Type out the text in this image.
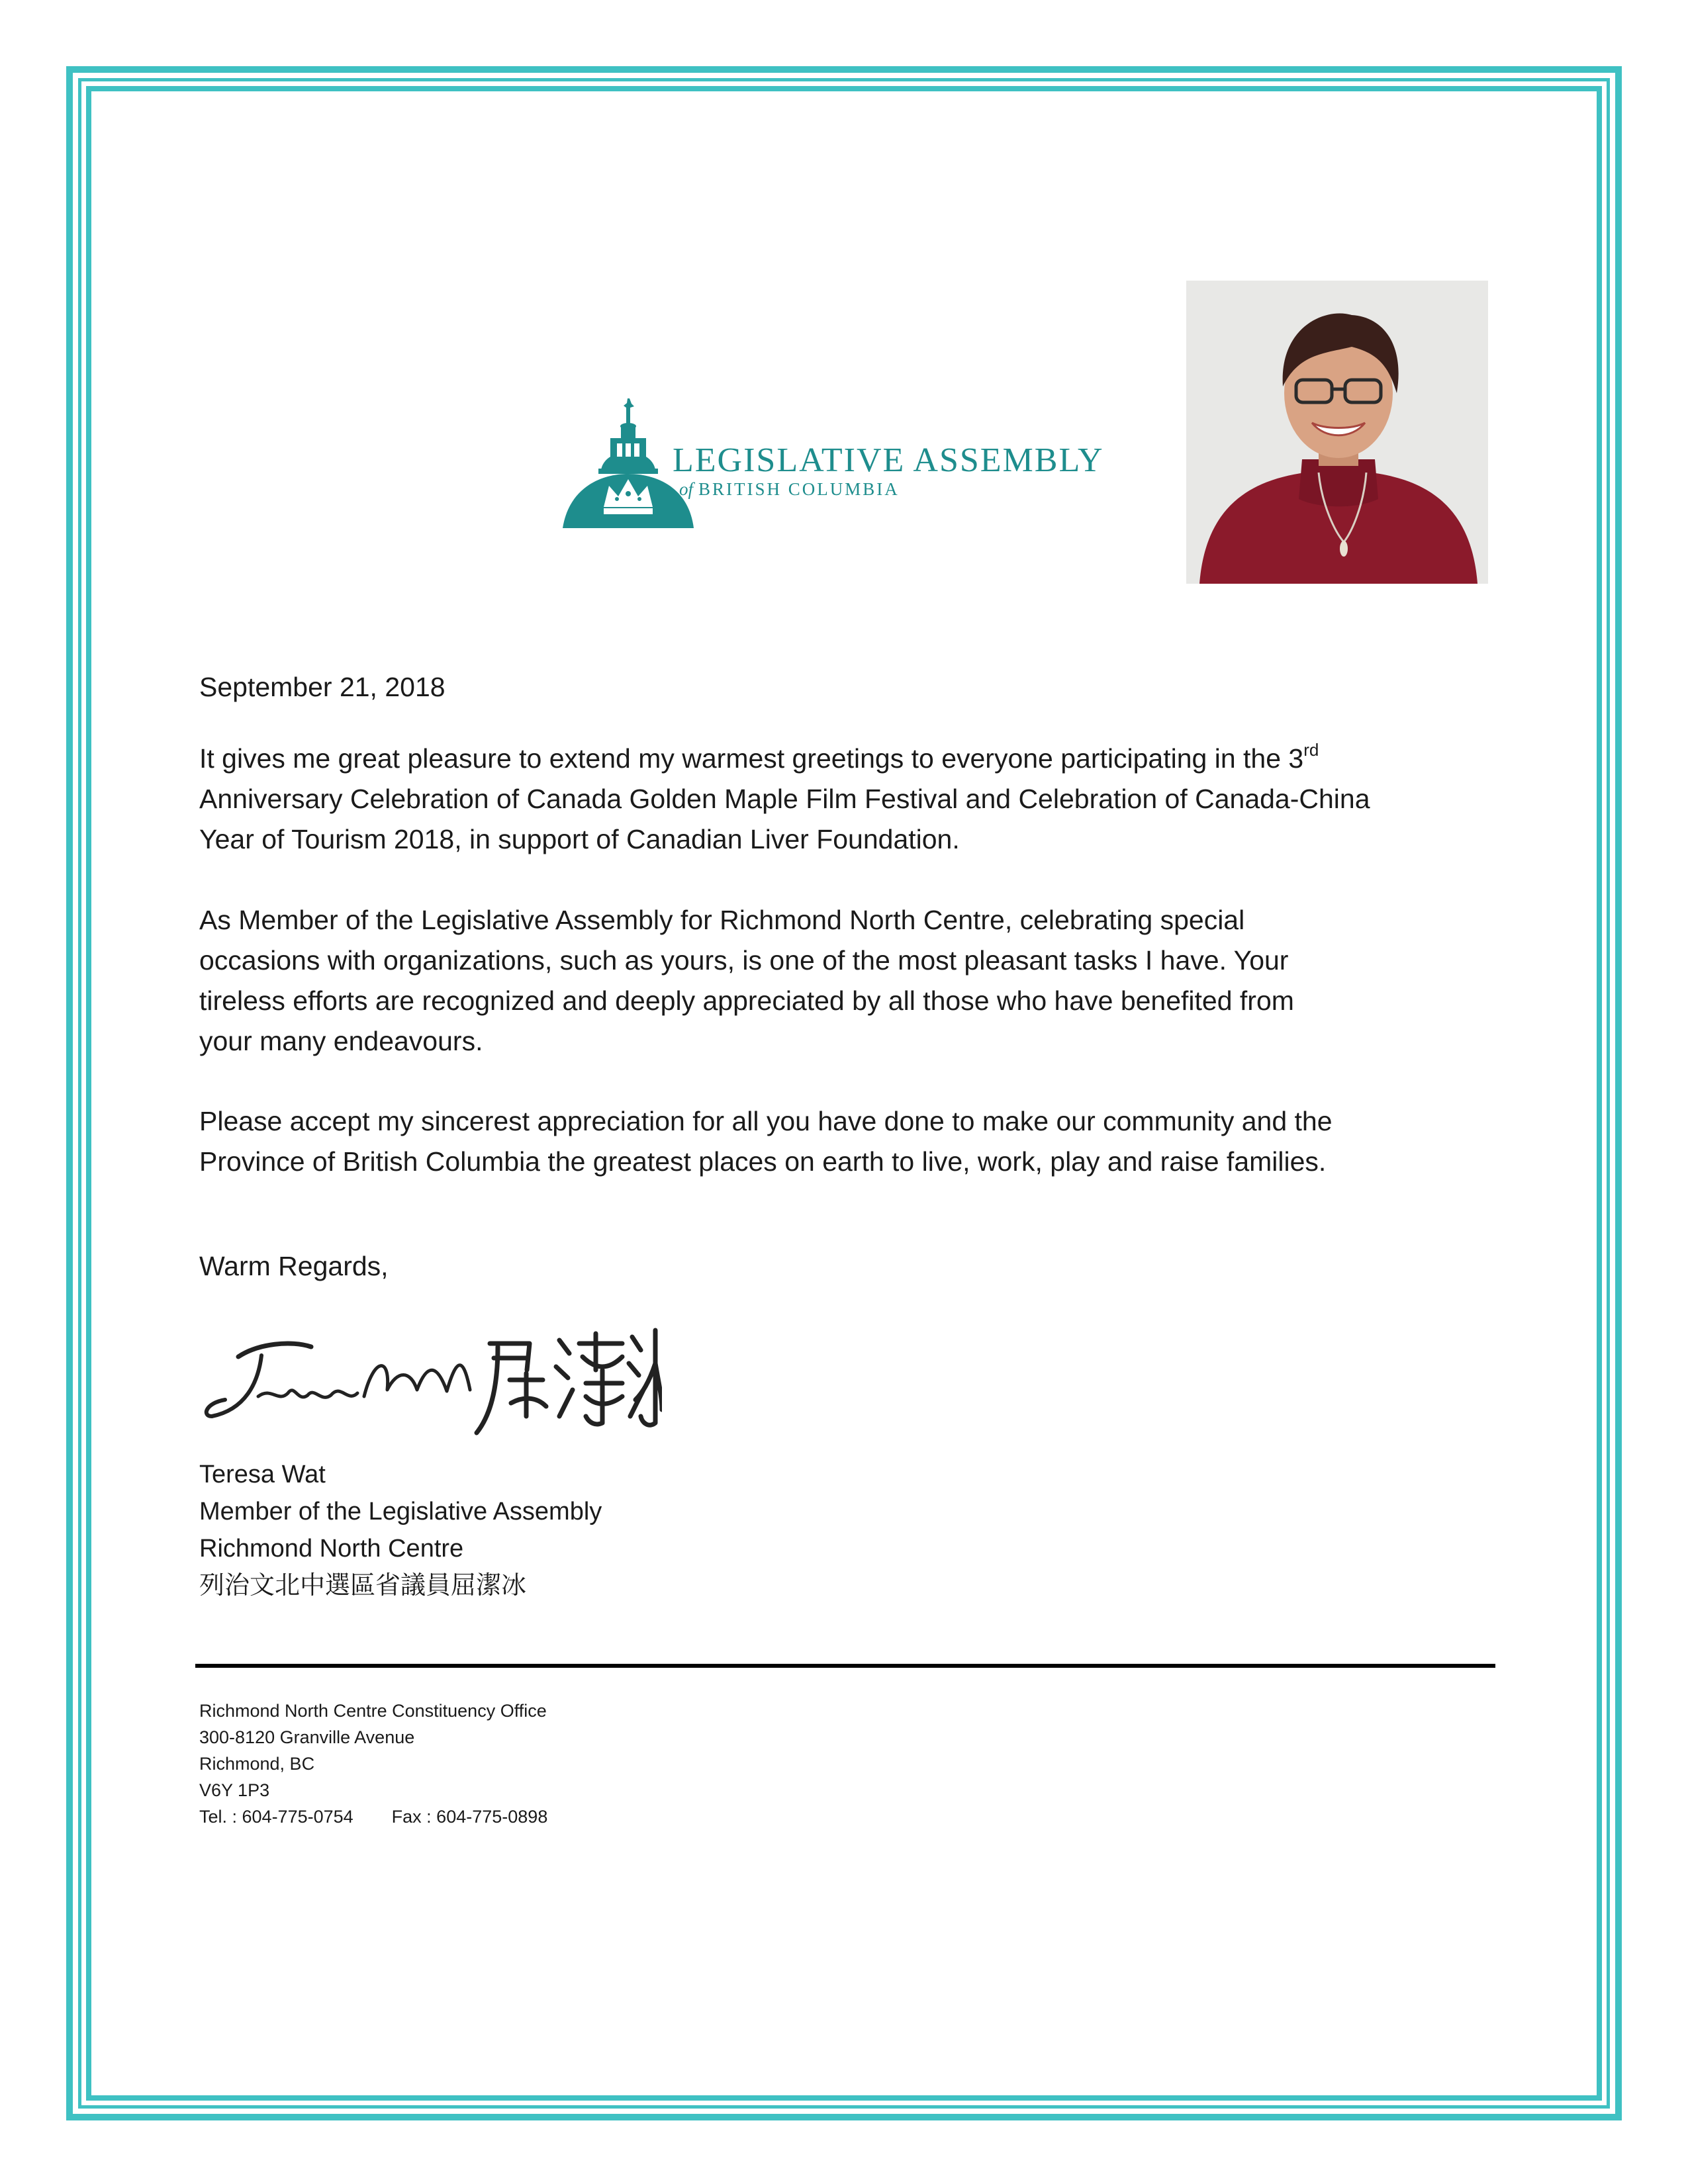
LEGISLATIVE ASSEMBLY
of BRITISH COLUMBIA
September 21, 2018

It gives me great pleasure to extend my warmest greetings to everyone participating in the 3rd

Anniversary Celebration of Canada Golden Maple Film Festival and Celebration of Canada-China

Year of Tourism 2018, in support of Canadian Liver Foundation.

As Member of the Legislative Assembly for Richmond North Centre, celebrating special

occasions with organizations, such as yours, is one of the most pleasant tasks I have. Your

tireless efforts are recognized and deeply appreciated by all those who have benefited from

your many endeavours.

Please accept my sincerest appreciation for all you have done to make our community and the

Province of British Columbia the greatest places on earth to live, work, play and raise families.

Warm Regards,
Teresa Wat
Member of the Legislative Assembly
Richmond North Centre
列治文北中選區省議員屈潔冰
Richmond North Centre Constituency Office
300-8120 Granville Avenue
Richmond, BC
V6Y 1P3
Tel. : 604-775-0754 Fax : 604-775-0898
